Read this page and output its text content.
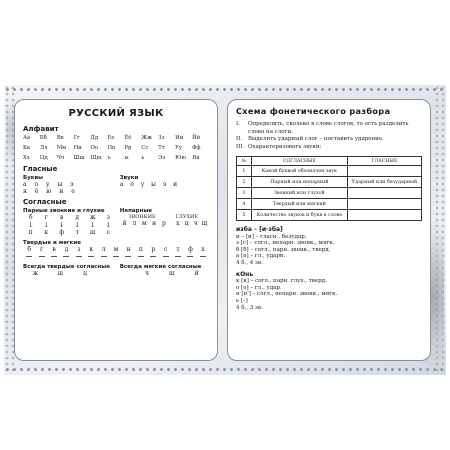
РУССКИЙ ЯЗЫК
Алфавит
Аа	Бб	Вв	Гг	Дд	Ее	Ёё	Жж	Зз	Ии	Йй
Кк	Лл	Мм	Нн	Оо	Пп	Рр	Сс	Тт	Уу	Фф
Хх	Цц	Чч	Шш	Щщ	ъ	ы	ь	Ээ	Юю	Яя
Гласные
Буквы
а о у ы э
я ё ю и е
Звуки
а о у ы э и
Согласные
Парные звонкие и глухие	Непарные
б	г	в	д	ж	з
↓	↓	↓	↓	↓	↓
п	к	ф	т	ш	с
ЗВОНКИЕ	ГЛУХИЕ
й л м н р	х ц ч щ
Твердые и мягкие
б	г	в	д	з	к	л	м	н	п	р	с	т	ф	х
Всегда твердые согласные	Всегда мягкие согласные
ж	ш	ц	ч	щ	й
Схема фонетического разбора
I.	Определить, сколько в слове слогов, то есть разделить слово на слоги.
II.	Выделить ударный слог – поставить ударение.
III. Охарактеризовать звуки:
№	СОГЛАСНЫЕ	ГЛАСНЫЕ
1	Какой буквой обозначен звук	
2	Парный или непарный	Ударный или безударный
3	Звонкий или глухой	
4	Твердый или мягкий	
5	Количество звуков и букв в слове	
изба – [и·зба]
и – [и] – гласн., безудар.
з [с] – согл., непарн. звонк., мягк.
б [б] – согл., парн. звонк., тверд.
а [а] – гл., ударн.
4 б., 4 зв.
кОнь
к [к] – согл., парн. глух., тверд.
о [о] – гл., удар.
н [н'] – согл., непарн. звонк., мягк.
ь [–]
4 б., 3 зв.
